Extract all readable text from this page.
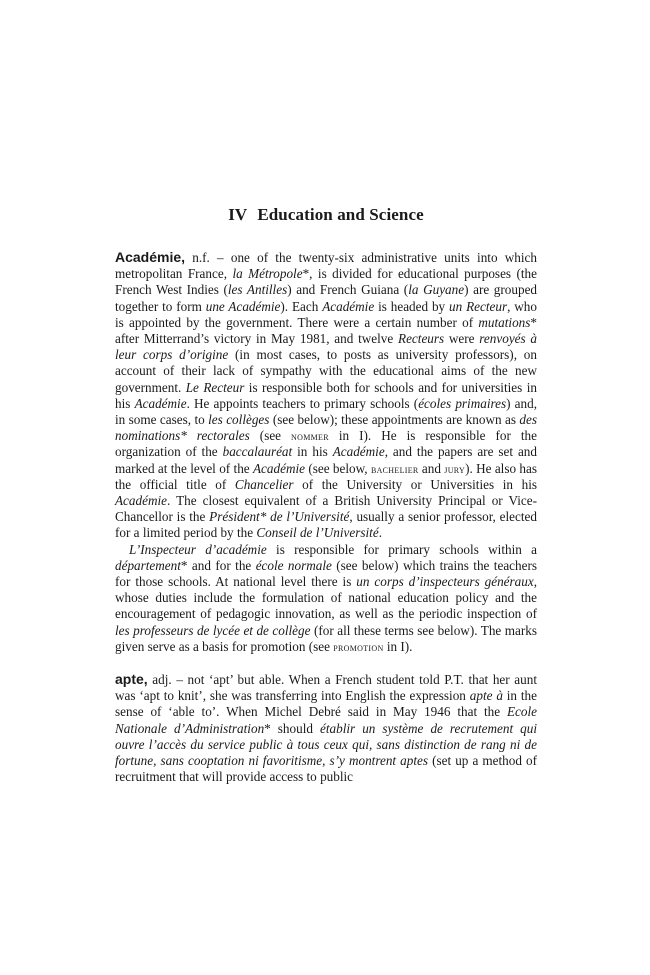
IV Education and Science

Académie, n.f. – one of the twenty-six administrative units into which metropolitan France, la Métropole*, is divided for educational purposes (the French West Indies (les Antilles) and French Guiana (la Guyane) are grouped together to form une Académie). Each Académie is headed by un Recteur, who is appointed by the government. There were a certain number of mutations* after Mitterrand’s victory in May 1981, and twelve Recteurs were renvoyés à leur corps d’origine (in most cases, to posts as university professors), on account of their lack of sympathy with the educational aims of the new government. Le Recteur is responsible both for schools and for universities in his Académie. He appoints teachers to primary schools (écoles primaires) and, in some cases, to les collèges (see below); these appointments are known as des nominations* rectorales (see nommer in I). He is responsible for the organization of the baccalauréat in his Académie, and the papers are set and marked at the level of the Académie (see below, bachelier and jury). He also has the official title of Chancelier of the University or Universities in his Académie. The closest equivalent of a British University Principal or Vice-Chancellor is the Président* de l’Université, usually a senior professor, elected for a limited period by the Conseil de l’Université.

L’Inspecteur d’académie is responsible for primary schools within a département* and for the école normale (see below) which trains the teachers for those schools. At national level there is un corps d’inspecteurs généraux, whose duties include the formulation of national education policy and the encouragement of pedagogic innovation, as well as the periodic inspection of les professeurs de lycée et de collège (for all these terms see below). The marks given serve as a basis for promotion (see promotion in I).

apte, adj. – not ‘apt’ but able. When a French student told P.T. that her aunt was ‘apt to knit’, she was transferring into English the expression apte à in the sense of ‘able to’. When Michel Debré said in May 1946 that the Ecole Nationale d’Administration* should établir un système de recrutement qui ouvre l’accès du service public à tous ceux qui, sans distinction de rang ni de fortune, sans cooptation ni favoritisme, s’y montrent aptes (set up a method of recruitment that will provide access to public
